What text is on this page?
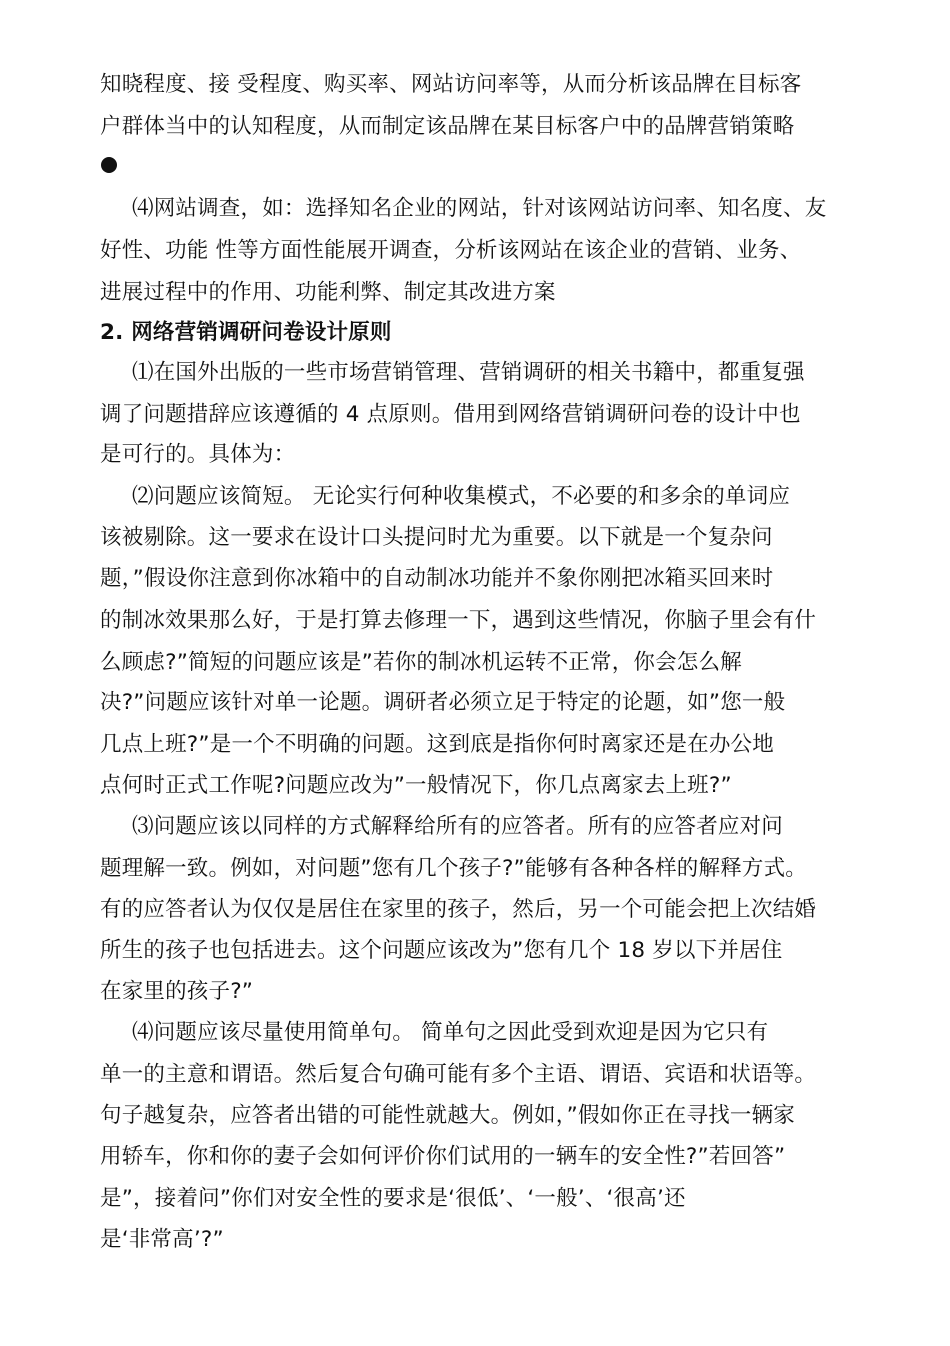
知晓程度、接 受程度、购买率、网站访问率等，从而分析该品牌在目标客
户群体当中的认知程度，从而制定该品牌在某目标客户中的品牌营销策略
⑷网站调查，如：选择知名企业的网站，针对该网站访问率、知名度、友
好性、功能 性等方面性能展开调查，分析该网站在该企业的营销、业务、
进展过程中的作用、功能利弊、制定其改进方案
2. 网络营销调研问卷设计原则
⑴在国外出版的一些市场营销管理、营销调研的相关书籍中，都重复强
调了问题措辞应该遵循的 4 点原则。借用到网络营销调研问卷的设计中也
是可行的。具体为：
⑵问题应该简短。 无论实行何种收集模式，不必要的和多余的单词应
该被剔除。这一要求在设计口头提问时尤为重要。以下就是一个复杂问
题，”假设你注意到你冰箱中的自动制冰功能并不象你刚把冰箱买回来时
的制冰效果那么好，于是打算去修理一下，遇到这些情况，你脑子里会有什
么顾虑?”简短的问题应该是”若你的制冰机运转不正常，你会怎么解
决?”问题应该针对单一论题。调研者必须立足于特定的论题，如”您一般
几点上班?”是一个不明确的问题。这到底是指你何时离家还是在办公地
点何时正式工作呢?问题应改为”一般情况下，你几点离家去上班?”
⑶问题应该以同样的方式解释给所有的应答者。所有的应答者应对问
题理解一致。例如，对问题”您有几个孩子?”能够有各种各样的解释方式。
有的应答者认为仅仅是居住在家里的孩子，然后，另一个可能会把上次结婚
所生的孩子也包括进去。这个问题应该改为”您有几个 18 岁以下并居住
在家里的孩子?”
⑷问题应该尽量使用简单句。 简单句之因此受到欢迎是因为它只有
单一的主意和谓语。然后复合句确可能有多个主语、谓语、宾语和状语等。
句子越复杂，应答者出错的可能性就越大。例如，”假如你正在寻找一辆家
用轿车，你和你的妻子会如何评价你们试用的一辆车的安全性?”若回答”
是”，接着问”你们对安全性的要求是‘很低’、‘一般’、‘很高’还
是‘非常高’?”
